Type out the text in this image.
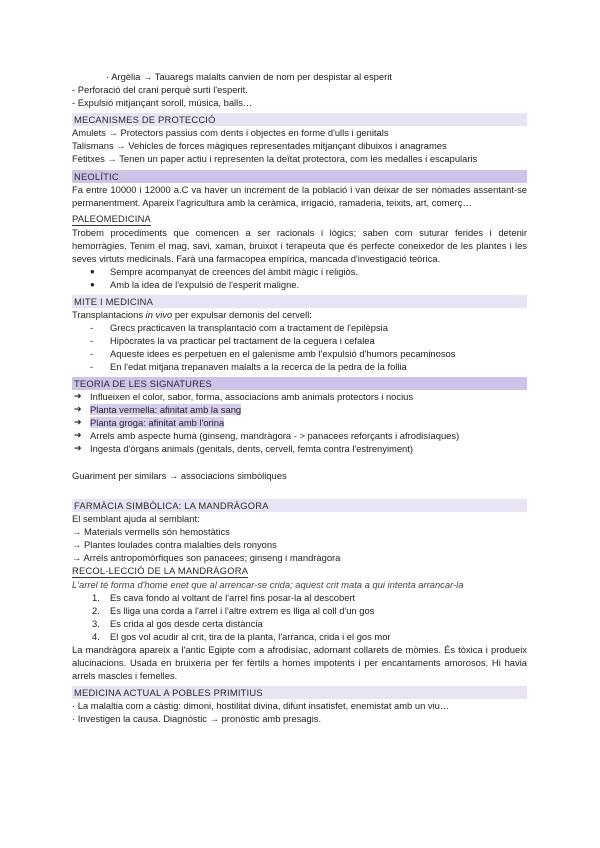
· Argèlia → Tauaregs malalts canvien de nom per despistar al esperit
- Perforació del crani perquè surti l'esperit.
- Expulsió mitjançant soroll, música, balls…
MECANISMES DE PROTECCIÓ
Amulets → Protectors passius com dents i objectes en forme d'ulls i genitals
Talismans → Vehicles de forces màgiques representades mitjançant dibuixos i anagrames
Fetitxes → Tenen un paper actiu i representen la deïtat protectora, com les medalles i escapularis
NEOLÍTIC
Fa entre 10000 i 12000 a.C va haver un increment de la població i van deixar de ser nòmades assentant-se permanentment. Apareix l'agricultura amb la ceràmica, irrigació, ramaderia, teixits, art, comerç…
PALEOMEDICINA
Trobem procediments que comencen a ser racionals i lògics; saben com suturar ferides i detenir hemorràgies. Tenim el mag, savi, xaman, bruixot i terapeuta que és perfecte coneixedor de les plantes i les seves virtuts medicinals. Farà una farmacopea empírica, mancada d'investigació teòrica.
● Sempre acompanyat de creences del àmbit màgic i religiòs.
● Amb la idea de l'expulsió de l'esperit maligne.
MITE I MEDICINA
Transplantacions in vivo per expulsar demonis del cervell:
- Grecs practicaven la transplantació com a tractament de l'epilèpsia
- Hipòcrates la va practicar pel tractament de la ceguera i cefalea
- Aqueste idees es perpetuen en el galenisme amb l'expulsió d'humors pecaminosos
- En l'edat mitjana trepanaven malalts a la recerca de la pedra de la follia
TEORIA DE LES SIGNATURES
➔ Influeixen el color, sabor, forma, associacions amb animals protectors i nocius
➔ Planta vermella: afinitat amb la sang
➔ Planta groga: afinitat amb l'orina
➔ Arrels amb aspecte humà (ginseng, mandràgora - > panacees reforçants i afrodisíaques)
➔ Ingesta d'òrgans animals (genitals, dents, cervell, femta contra l'estrenyiment)
Guariment per similars → associacions simbòliques
FARMÀCIA SIMBÒLICA: LA MANDRÀGORA
El semblant ajuda al semblant:
→ Materials vermells són hemostàtics
→ Plantes loulades contra malalties dels ronyons
→ Arrels antropomòrfiques son panacees; ginseng i mandràgora
RECOL·LECCIÓ DE LA MANDRÀGORA
L'arrel té forma d'home enet que al arrencar-se crida; aquest crit mata a qui intenta arrancar-la
1. Es cava fondo al voltant de l'arrel fins posar-la al descobert
2. Es lliga una corda a l'arrel i l'altre extrem es lliga al coll d'un gos
3. Es crida al gos desde certa distància
4. El gos vol acudir al crit, tira de la planta, l'arranca, crida i el gos mor
La mandràgora apareix a l'antic Egipte com a afrodisíac, adornant collarets de mòmies. És tòxica i produeix alucinacions. Usada en bruixeria per fer fèrtils a homes impotents i per encantaments amorosos. Hi havia arrels mascles i femelles.
MEDICINA ACTUAL A POBLES PRIMITIUS
· La malaltia com a càstig: dimoni, hostilitat divina, difunt insatisfet, enemistat amb un viu…
· Investigen la causa. Diagnòstic → pronòstic amb presagis.
